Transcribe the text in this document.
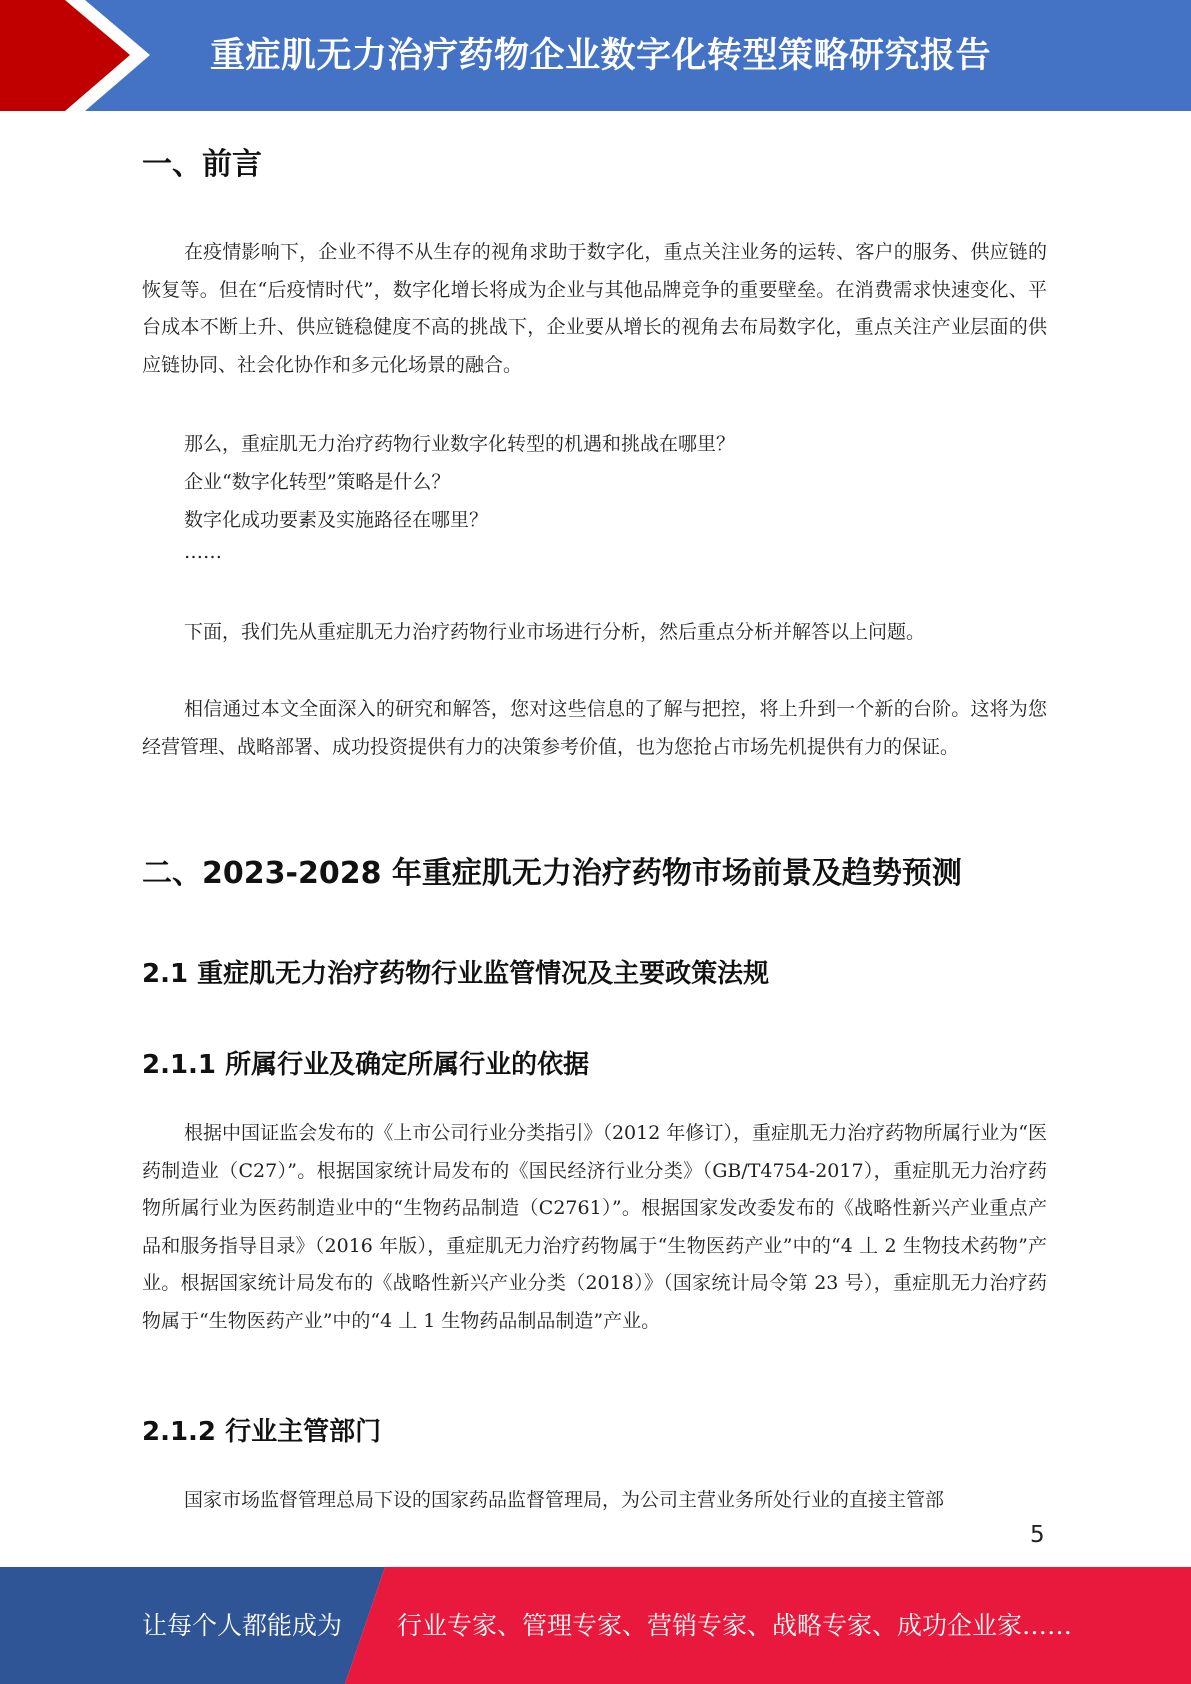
重症肌无力治疗药物企业数字化转型策略研究报告
一、前言

在疫情影响下，企业不得不从生存的视角求助于数字化，重点关注业务的运转、客户的服务、供应链的恢复等。但在“后疫情时代”，数字化增长将成为企业与其他品牌竞争的重要壁垒。在消费需求快速变化、平台成本不断上升、供应链稳健度不高的挑战下，企业要从增长的视角去布局数字化，重点关注产业层面的供应链协同、社会化协作和多元化场景的融合。

那么，重症肌无力治疗药物行业数字化转型的机遇和挑战在哪里？

企业“数字化转型”策略是什么？

数字化成功要素及实施路径在哪里？

……

下面，我们先从重症肌无力治疗药物行业市场进行分析，然后重点分析并解答以上问题。

相信通过本文全面深入的研究和解答，您对这些信息的了解与把控，将上升到一个新的台阶。这将为您经营管理、战略部署、成功投资提供有力的决策参考价值，也为您抢占市场先机提供有力的保证。

二、2023-2028 年重症肌无力治疗药物市场前景及趋势预测
2.1 重症肌无力治疗药物行业监管情况及主要政策法规
2.1.1 所属行业及确定所属行业的依据

根据中国证监会发布的《上市公司行业分类指引》（2012 年修订），重症肌无力治疗药物所属行业为“医药制造业（C27）”。根据国家统计局发布的《国民经济行业分类》（GB/T4754-2017），重症肌无力治疗药物所属行业为医药制造业中的“生物药品制造（C2761）”。根据国家发改委发布的《战略性新兴产业重点产品和服务指导目录》（2016 年版），重症肌无力治疗药物属于“生物医药产业”中的“4 丄 2 生物技术药物”产业。根据国家统计局发布的《战略性新兴产业分类（2018）》（国家统计局令第 23 号），重症肌无力治疗药物属于“生物医药产业”中的“4 丄 1 生物药品制品制造”产业。

2.1.2 行业主管部门

国家市场监督管理总局下设的国家药品监督管理局，为公司主营业务所处行业的直接主管部

5
让每个人都能成为 行业专家、管理专家、营销专家、战略专家、成功企业家……
